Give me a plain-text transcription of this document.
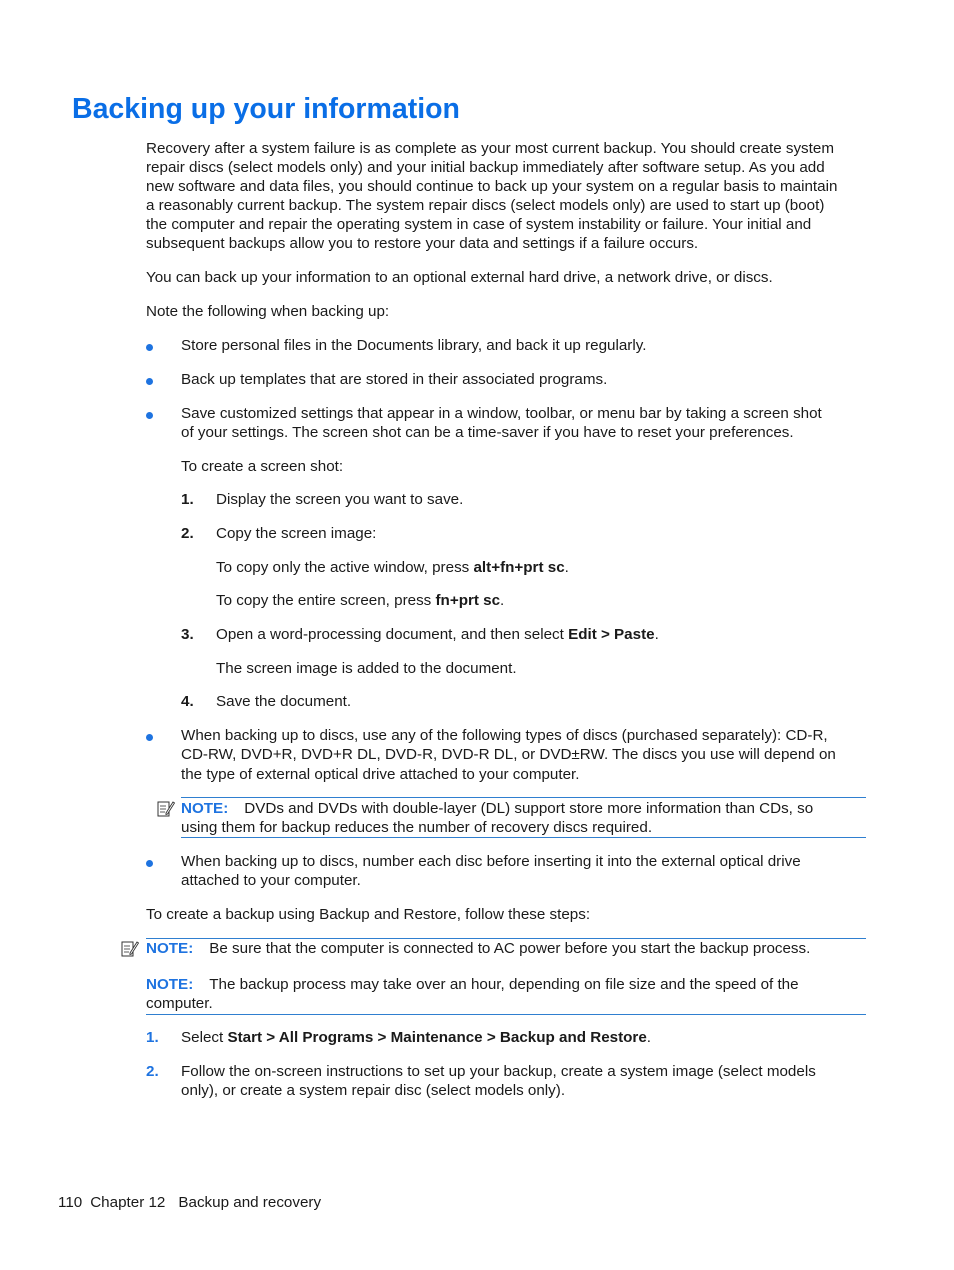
Backing up your information
Recovery after a system failure is as complete as your most current backup. You should create system
repair discs (select models only) and your initial backup immediately after software setup. As you add
new software and data files, you should continue to back up your system on a regular basis to maintain
a reasonably current backup. The system repair discs (select models only) are used to start up (boot)
the computer and repair the operating system in case of system instability or failure. Your initial and
subsequent backups allow you to restore your data and settings if a failure occurs.
You can back up your information to an optional external hard drive, a network drive, or discs.
Note the following when backing up:
Store personal files in the Documents library, and back it up regularly.
Back up templates that are stored in their associated programs.
Save customized settings that appear in a window, toolbar, or menu bar by taking a screen shot
of your settings. The screen shot can be a time-saver if you have to reset your preferences.
To create a screen shot:
1. Display the screen you want to save.
2. Copy the screen image:
To copy only the active window, press alt+fn+prt sc.
To copy the entire screen, press fn+prt sc.
3. Open a word-processing document, and then select Edit > Paste.
The screen image is added to the document.
4. Save the document.
When backing up to discs, use any of the following types of discs (purchased separately): CD-R,
CD-RW, DVD+R, DVD+R DL, DVD-R, DVD-R DL, or DVD±RW. The discs you use will depend on
the type of external optical drive attached to your computer.
NOTE: DVDs and DVDs with double-layer (DL) support store more information than CDs, so
using them for backup reduces the number of recovery discs required.
When backing up to discs, number each disc before inserting it into the external optical drive
attached to your computer.
To create a backup using Backup and Restore, follow these steps:
NOTE: Be sure that the computer is connected to AC power before you start the backup process.
NOTE: The backup process may take over an hour, depending on file size and the speed of the
computer.
1. Select Start > All Programs > Maintenance > Backup and Restore.
2. Follow the on-screen instructions to set up your backup, create a system image (select models
only), or create a system repair disc (select models only).
110 Chapter 12 Backup and recovery
